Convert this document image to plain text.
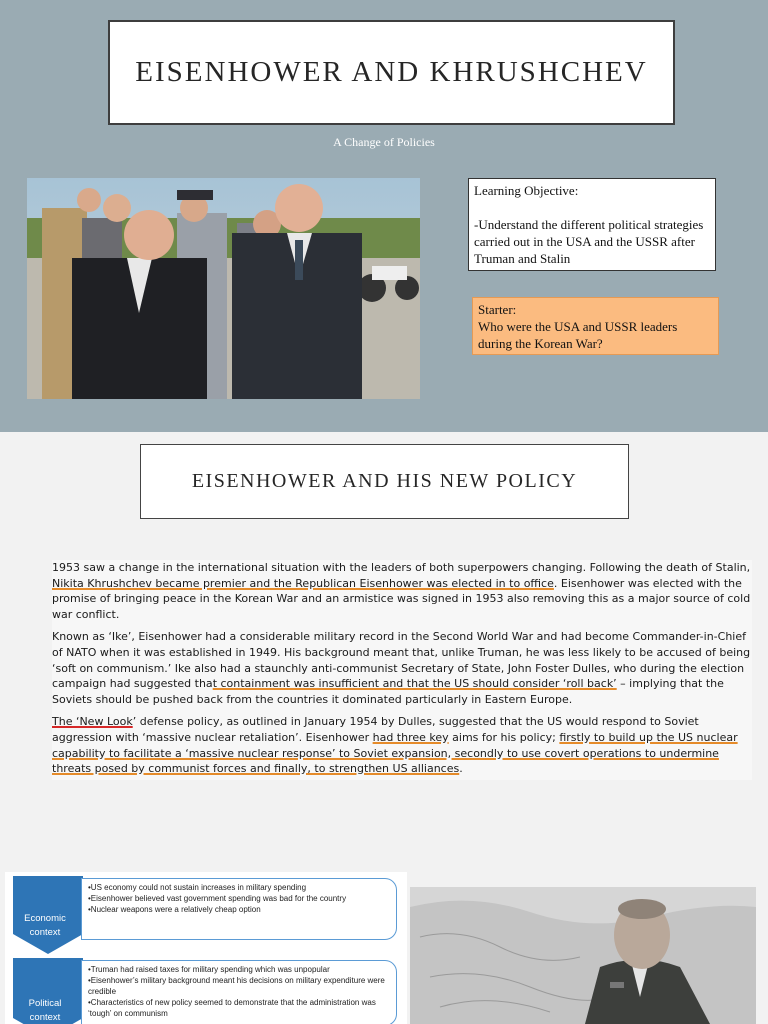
EISENHOWER AND KHRUSHCHEV
A Change of Policies
Learning Objective:
-Understand the different political strategies carried out in the USA and the USSR after Truman and Stalin
Starter:
Who were the USA and USSR leaders during the Korean War?
EISENHOWER AND HIS NEW POLICY

1953 saw a change in the international situation with the leaders of both superpowers changing. Following the death of Stalin, Nikita Khrushchev became premier and the Republican Eisenhower was elected in to office. Eisenhower was elected with the promise of bringing peace in the Korean War and an armistice was signed in 1953 also removing this as a major source of cold war conflict.

Known as ‘Ike’, Eisenhower had a considerable military record in the Second World War and had become Commander-in-Chief of NATO when it was established in 1949. His background meant that, unlike Truman, he was less likely to be accused of being ‘soft on communism.’ Ike also had a staunchly anti-communist Secretary of State, John Foster Dulles, who during the election campaign had suggested that containment was insufficient and that the US should consider ‘roll back’ – implying that the Soviets should be pushed back from the countries it dominated particularly in Eastern Europe.

The ‘New Look’ defense policy, as outlined in January 1954 by Dulles, suggested that the US would respond to Soviet aggression with ‘massive nuclear retaliation’. Eisenhower had three key aims for his policy; firstly to build up the US nuclear capability to facilitate a ‘massive nuclear response’ to Soviet expansion, secondly to use covert operations to undermine threats posed by communist forces and finally, to strengthen US alliances.

Economic
context
•US economy could not sustain increases in military spending
•Eisenhower believed vast government spending was bad for the country
•Nuclear weapons were a relatively cheap option
Political
context
•Truman had raised taxes for military spending which was unpopular
•Eisenhower’s military background meant his decisions on military expenditure were credible
•Characteristics of new policy seemed to demonstrate that the administration was ‘tough’ on communism
